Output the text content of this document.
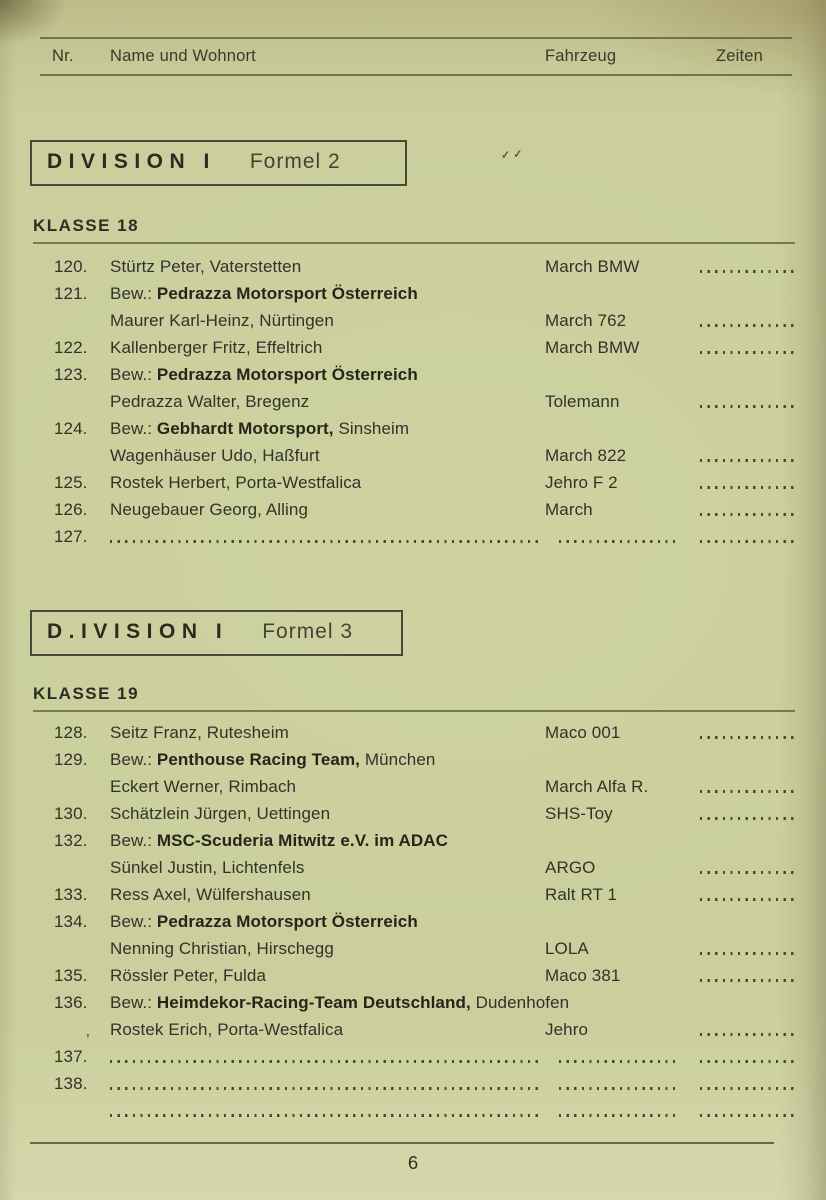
Nr.	Name und Wohnort	Fahrzeug	Zeiten
✓✓
’
DIVISION I Formel 2
KLASSE 18
120.	Stürtz Peter, Vaterstetten	March BMW
121.	Bew.: Pedrazza Motorsport Österreich
Maurer Karl-Heinz, Nürtingen	March 762
122.	Kallenberger Fritz, Effeltrich	March BMW
123.	Bew.: Pedrazza Motorsport Österreich
Pedrazza Walter, Bregenz	Tolemann
124.	Bew.: Gebhardt Motorsport, Sinsheim
Wagenhäuser Udo, Haßfurt	March 822
125.	Rostek Herbert, Porta-Westfalica	Jehro F 2
126.	Neugebauer Georg, Alling	March
127.
D.IVISION I Formel 3
KLASSE 19
128.	Seitz Franz, Rutesheim	Maco 001
129.	Bew.: Penthouse Racing Team, München
Eckert Werner, Rimbach	March Alfa R.
130.	Schätzlein Jürgen, Uettingen	SHS-Toy
132.	Bew.: MSC-Scuderia Mitwitz e.V. im ADAC
Sünkel Justin, Lichtenfels	ARGO
133.	Ress Axel, Wülfershausen	Ralt RT 1
134.	Bew.: Pedrazza Motorsport Österreich
Nenning Christian, Hirschegg	LOLA
135.	Rössler Peter, Fulda	Maco 381
136.	Bew.: Heimdekor-Racing-Team Deutschland, Dudenhofen
Rostek Erich, Porta-Westfalica	Jehro
137.
138.
6
